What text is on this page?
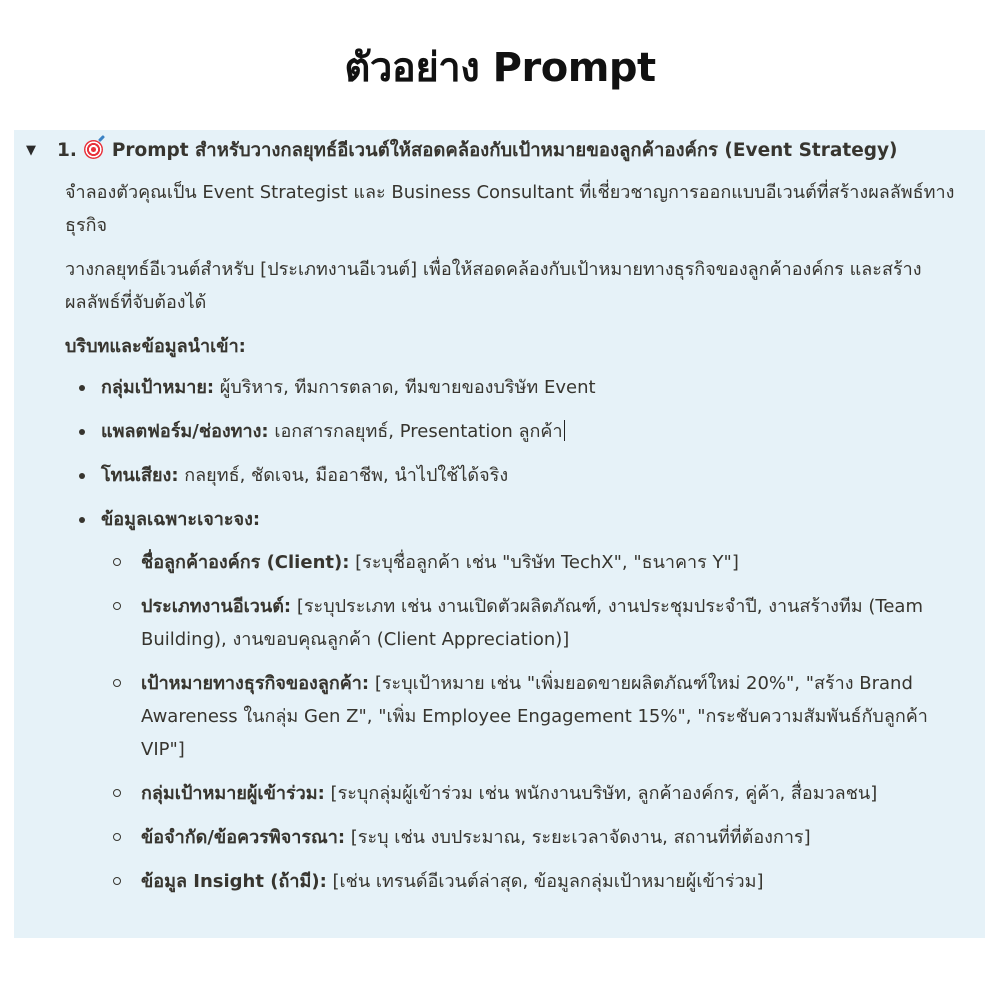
ตัวอย่าง Prompt
▼	1. Prompt สำหรับวางกลยุทธ์อีเวนต์ให้สอดคล้องกับเป้าหมายของลูกค้าองค์กร (Event Strategy)

จำลองตัวคุณเป็น Event Strategist และ Business Consultant ที่เชี่ยวชาญการออกแบบอีเวนต์ที่สร้างผลลัพธ์ทางธุรกิจ

วางกลยุทธ์อีเวนต์สำหรับ [ประเภทงานอีเวนต์] เพื่อให้สอดคล้องกับเป้าหมายทางธุรกิจของลูกค้าองค์กร และสร้างผลลัพธ์ที่จับต้องได้

บริบทและข้อมูลนำเข้า:

กลุ่มเป้าหมาย: ผู้บริหาร, ทีมการตลาด, ทีมขายของบริษัท Event
แพลตฟอร์ม/ช่องทาง: เอกสารกลยุทธ์, Presentation ลูกค้า
โทนเสียง: กลยุทธ์, ชัดเจน, มืออาชีพ, นำไปใช้ได้จริง
ข้อมูลเฉพาะเจาะจง:
ชื่อลูกค้าองค์กร (Client): [ระบุชื่อลูกค้า เช่น "บริษัท TechX", "ธนาคาร Y"]
ประเภทงานอีเวนต์: [ระบุประเภท เช่น งานเปิดตัวผลิตภัณฑ์, งานประชุมประจำปี, งานสร้างทีม (Team Building), งานขอบคุณลูกค้า (Client Appreciation)]
เป้าหมายทางธุรกิจของลูกค้า: [ระบุเป้าหมาย เช่น "เพิ่มยอดขายผลิตภัณฑ์ใหม่ 20%", "สร้าง Brand Awareness ในกลุ่ม Gen Z", "เพิ่ม Employee Engagement 15%", "กระชับความสัมพันธ์กับลูกค้า VIP"]
กลุ่มเป้าหมายผู้เข้าร่วม: [ระบุกลุ่มผู้เข้าร่วม เช่น พนักงานบริษัท, ลูกค้าองค์กร, คู่ค้า, สื่อมวลชน]
ข้อจำกัด/ข้อควรพิจารณา: [ระบุ เช่น งบประมาณ, ระยะเวลาจัดงาน, สถานที่ที่ต้องการ]
ข้อมูล Insight (ถ้ามี): [เช่น เทรนด์อีเวนต์ล่าสุด, ข้อมูลกลุ่มเป้าหมายผู้เข้าร่วม]
